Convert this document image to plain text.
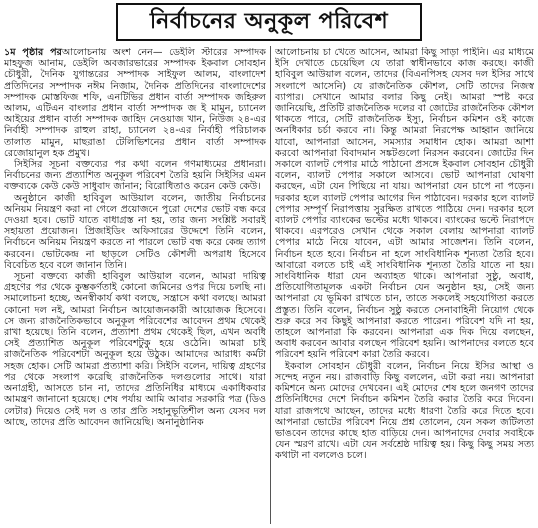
নির্বাচনের অনুকূল পরিবেশ

১ম পৃষ্ঠার পরআলোচনায় অংশ নেন— ডেইলি স্টারের সম্পাদক মাহফুজ আনাম, ডেইলি অবজারভারের সম্পাদক ইকবাল সোবহান চৌধুরী, দৈনিক যুগান্তরের সম্পাদক সাইফুল আলম, বাংলাদেশ প্রতিদিনের সম্পাদক নঈম নিজাম, দৈনিক প্রতিদিনের বাংলাদেশের সম্পাদক মোস্তফিজ শফি, এনটিভির প্রধান বার্তা সম্পাদক জহিরুল আলম, এটিএন বাংলার প্রধান বার্তা সম্পাদক জ ই মামুন, চ্যানেল আইয়ের প্রধান বার্তা সম্পাদক জাহিদ নেওয়াজ খান, নিউজ ২৪-এর নির্বাহী সম্পাদক রাহুল রাহা, চ্যানেল ২৪-এর নির্বাহী পরিচালক তালাত মামুন, মাছরাঙা টেলিভিশনের প্রধান বার্তা সম্পাদক রেজোয়ানুল হক প্রমুখ।

সিইসির সূচনা বক্তব্যের পর কথা বলেন গণমাধ্যমের প্রধানরা। নির্বাচনের জন্য প্রত্যাশিত অনুকূল পরিবেশ তৈরি হয়নি সিইসির এমন বক্তব্যকে কেউ কেউ সাধুবাদ জানান; বিরোধিতাও করেন কেউ কেউ।

অনুষ্ঠানে কাজী হাবিবুল আউয়াল বলেন, জাতীয় নির্বাচনের অনিয়ম নিয়ন্ত্রণ করা না গেলে প্রয়োজনে পুরো দেশের ভোট বন্ধ করে দেওয়া হবে। ভোট যাতে বাধাগ্রস্ত না হয়, তার জন্য সংশ্লিষ্ট সবারই সহায়তা প্রয়োজন। প্রিজাইডিং অফিসারের উদ্দেশে তিনি বলেন, নির্বাচনে অনিয়ম নিয়ন্ত্রণ করতে না পারলে ভোট বন্ধ করে কেন্দ্র ত্যাগ করবেন। ভোটকেন্দ্র না ছাড়লে সেটিও কৌশলী অপরাধ হিসেবে বিবেচিত হবে বলে জানান তিনি।

সূচনা বক্তব্যে কাজী হাবিবুল আউয়াল বলেন, আমরা দায়িত্ব গ্রহণের পর থেকে কুম্ভকর্ণতাই কোনো জমিনের ওপর দিয়ে চলছি না। সমালোচনা হচ্ছে, অনস্বীকার্য কথা বলছে, সন্ত্রাসে কথা বলছে। আমরা কোনো দল নই, আমরা নির্বাচন আয়োজনকারী আয়োজক হিসেবে। সে জন্য রাজনৈতিকভাবে অনুকূল পরিবেশের আবেদন প্রথম থেকেই রাখা হয়েছে। তিনি বলেন, প্রত্যাশা প্রথম থেকেই ছিল, এখন অবধি সেই প্রত্যাশিত অনুকূল পরিবেশটুকু হয়ে ওঠেনি। আমরা চাই রাজনৈতিক পরিবেশটা অনুকূল হয়ে উঠুক। আমাদের আরাধ্য কর্মটা সহজ হোক। সেটি আমরা প্রত্যাশা করি। সিইসি বলেন, দায়িত্ব গ্রহণের পর থেকে সংলাপ করেছি রাজনৈতিক দলগুলোর সাথে। যারা অনাগ্রহী, আসতে চান না, তাদের প্রতিনিধির মাধ্যমে একাধিকবার আমন্ত্রণ জানানো হয়েছে। শেষ পর্যায় আমি আবার সরকারি পত্র (ডিও লেটার) দিয়েও সেই দল ও তার প্রতি সহানুভূতিশীল অন্য যেসব দল আছে, তাদের প্রতি আবেদন জানিয়েছি। অনানুষ্ঠানিক

আলোচনায় চা খেতে আসেন, আমরা কিছু সাড়া পাইনি। এর মাধ্যমে ইসি দেখাতে চেয়েছিল যে তারা স্বাধীনভাবে কাজ করছে। কাজী হাবিবুল আউয়াল বলেন, তাদের (বিএনপিসহ যেসব দল ইসির সাথে সংলাপে আসেনি) যে রাজনৈতিক কৌশল, সেটি তাদের নিজস্ব ব্যাপার। সেখানে আমার বলার কিছু নেই। আমরা স্পষ্ট করে জানিয়েছি, প্রতিটি রাজনৈতিক দলের বা জোটের রাজনৈতিক কৌশল থাকতে পারে, সেটি রাজনৈতিক ইস্যু, নির্বাচন কমিশন ওই কাজে অনধিকার চর্চা করবে না। কিন্তু আমরা নিরপেক্ষ আহ্বান জানিয়ে যাবো, আপনারা আসেন, সমস্যার সমাধান হোক। আমরা আশা করবো আপনারা বিবাদমান সঙ্কটগুলো নিরসন করবেন। জোটের দিন সকালে ব্যালট পেপার মাঠে পাঠানো প্রসঙ্গে ইকবাল সোবহান চৌধুরী বলেন, ব্যালট পেপার সকালে আসবে। ভোট আপনারা ঘোষণা করছেন, এটা যেন পিছিয়ে না যায়। আপনারা যেন চাপে না পড়েন। দরকার হলে ব্যালট পেপার আগের দিন পাঠাবেন। দরকার হলে ব্যালট পেপার সম্পূর্ণ নিরাপত্তায় সুরক্ষিত রাখতে পাঠিয়ে দেন। দরকার হলে ব্যালট পেপার ব্যাংকের ভল্টের মধ্যে থাকবে। ব্যাংকের ভল্টে নিরাপদে থাকবে। এরপরেও সেখান থেকে সকাল বেলায় আপনারা ব্যালট পেপার মাঠে নিয়ে যাবেন, এটা আমার সাজেশন। তিনি বলেন, নির্বাচন হতে হবে। নির্বাচন না হলে সাংবিধানিক শূন্যতা তৈরি হবে। আবারো বলতে চাই এই সাংবিধানিক শূন্যতা তৈরি যাতে না হয়। সাংবিধানিক ধারা যেন অব্যাহত থাকে। আপনারা সুষ্ঠু, অবাধ, প্রতিযোগিতামূলক একটা নির্বাচন যেন অনুষ্ঠান হয়, সেই জন্য আপনারা যে ভূমিকা রাখতে চান, তাতে সকলেই সহযোগিতা করতে প্রস্তুত। তিনি বলেন, নির্বাচন সুষ্ঠু করতে সেনাবাহিনী নিয়োগ থেকে শুরু করে সব কিছুই আপনারা করতে পারেন। পরিবেশ যদি না হয়, তাহলে আপনারা কি করবেন। আপনারা এক দিক দিয়ে বলছেন, অবাধ করবেন আবার বলছেন পরিবেশ হয়নি। আপনাদের বলতে হবে পরিবেশ হয়নি পরিবেশ কারা তৈরি করবে।

ইকবাল সোবহান চৌধুরী বলেন, নির্বাচন নিয়ে ইসির আস্থা ও সন্দেহ নতুন নয়। রাজবাড়ি কিছু বললেন, এটা করা নয়। আপনারা কমিশনে অন্য মোদের দেখবেন। এই মোদের শেষ হলে জনগণ তাদের প্রতিনিধিদের দেশে নির্বাচন কমিশন তৈরি করার তৈরি করে দিবেন। যারা রাজপথে আছেন, তাদের মধ্যে ধারণা তৈরি করে দিতে হবে। আপনারা ভোটের পরিবেশ নিয়ে প্রশ্ন তোলেন, যেন সকল জটিলতা ভাঙবেন তাদের কাছে হাত বাড়িয়ে দেন। আপনাদের দেবার সবাইকে যেন স্মরণ রাখে। এটা যেন সর্বশ্রেষ্ঠ দায়িত্ব হয়। কিছু কিছু সময় সত্য কথাটা না বললেও চলে।
